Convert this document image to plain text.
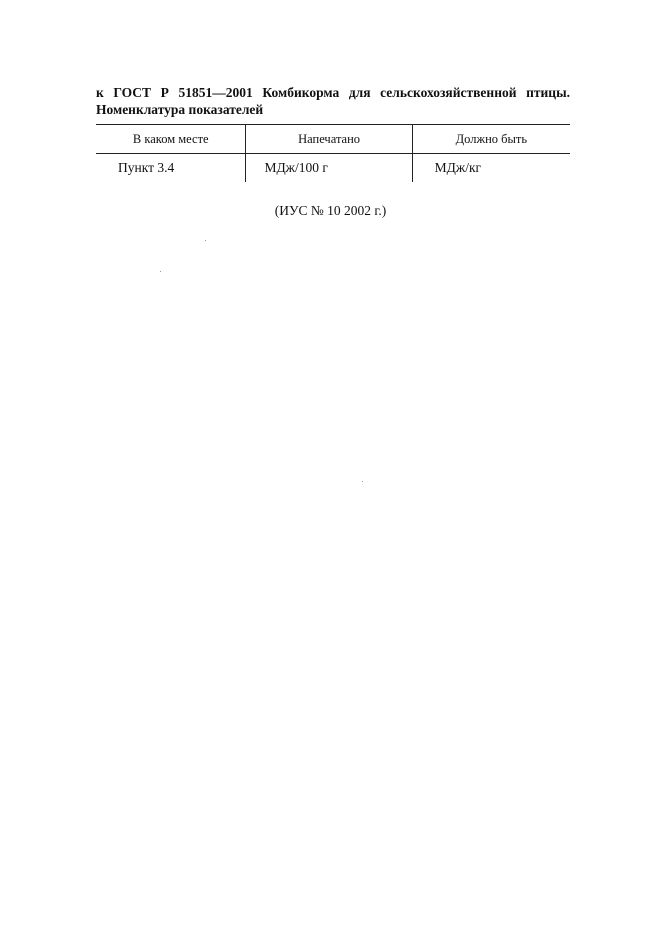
к ГОСТ Р 51851—2001 Комбикорма для сельскохозяйственной птицы.
Номенклатура показателей
В каком месте	Напечатано	Должно быть
Пункт 3.4	МДж/100 г	МДж/кг
(ИУС № 10 2002 г.)
